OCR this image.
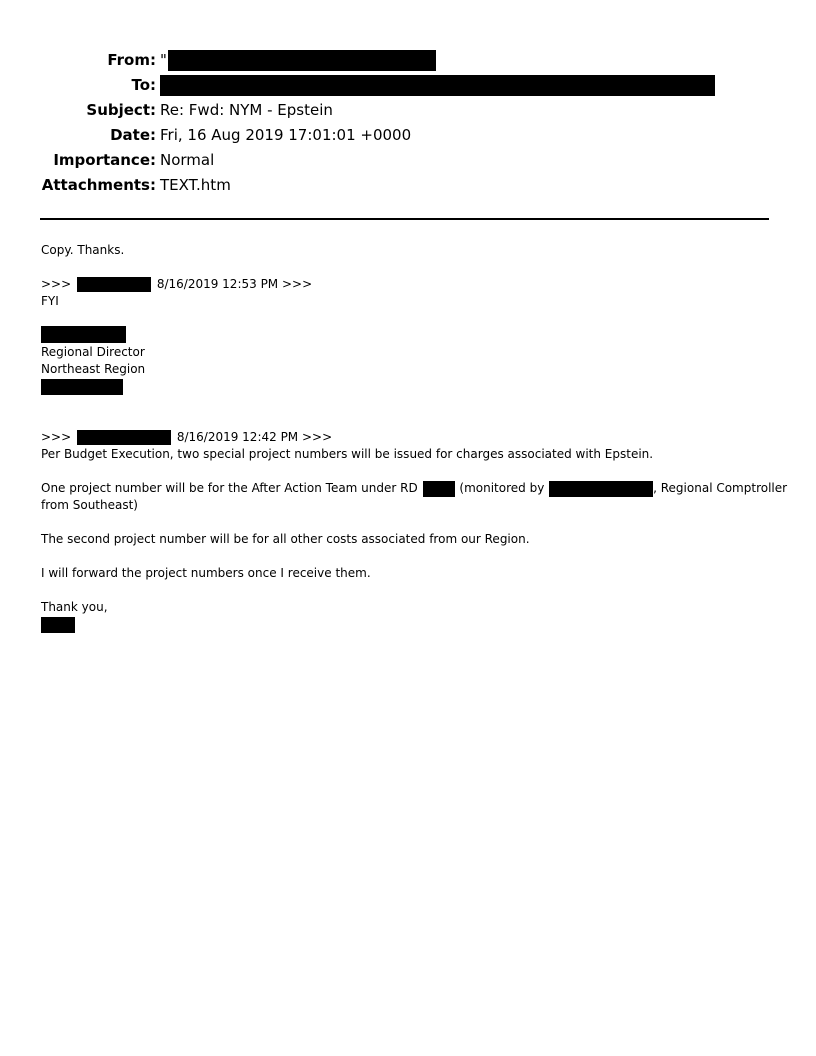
From: "
To:
Subject: Re: Fwd: NYM - Epstein
Date: Fri, 16 Aug 2019 17:01:01 +0000
Importance: Normal
Attachments: TEXT.htm
Copy. Thanks.
>>>	8/16/2019 12:53 PM >>>
FYI
Regional Director
Northeast Region
>>>	8/16/2019 12:42 PM >>>
Per Budget Execution, two special project numbers will be issued for charges associated with Epstein.
One project number will be for the After Action Team under RD	(monitored by	, Regional Comptroller
from Southeast)
The second project number will be for all other costs associated from our Region.
I will forward the project numbers once I receive them.
Thank you,
